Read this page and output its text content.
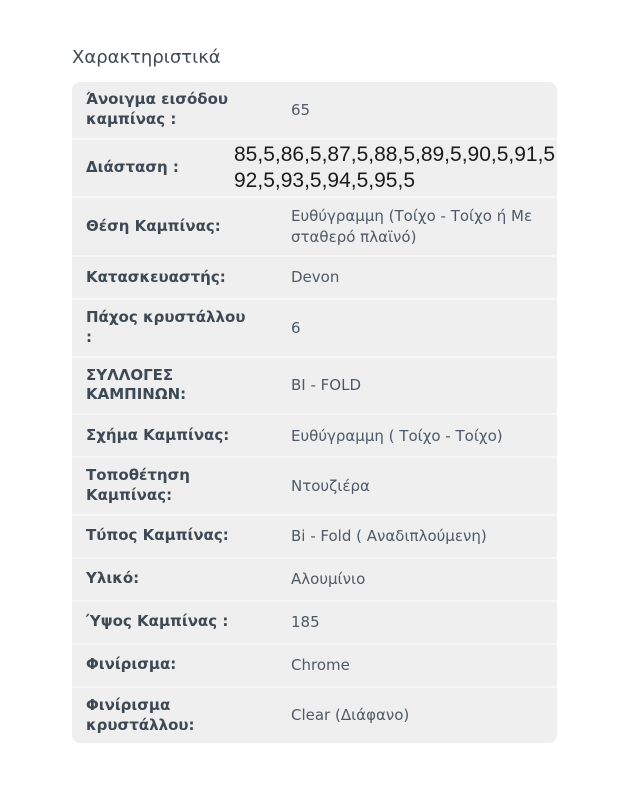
Χαρακτηριστικά
Άνοιγμα εισόδου καμπίνας :
65
Διάσταση :
85,5,86,5,87,5,88,5,89,5,90,5,91,5 92,5,93,5,94,5,95,5
Θέση Καμπίνας:
Ευθύγραμμη (Τοίχο - Τοίχο ή Με σταθερό πλαϊνό)
Κατασκευαστής:	Devon
Πάχος κρυστάλλου :
6
ΣΥΛΛΟΓΕΣ ΚΑΜΠΙΝΩΝ:
BI - FOLD
Σχήμα Καμπίνας:	Ευθύγραμμη ( Τοίχο - Τοίχο)
Τοποθέτηση Καμπίνας:
Ντουζιέρα
Τύπος Καμπίνας:	Bi - Fold ( Αναδιπλούμενη)
Υλικό:	Αλουμίνιο
Ύψος Καμπίνας :	185
Φινίρισμα:	Chrome
Φινίρισμα κρυστάλλου:
Clear (Διάφανο)
